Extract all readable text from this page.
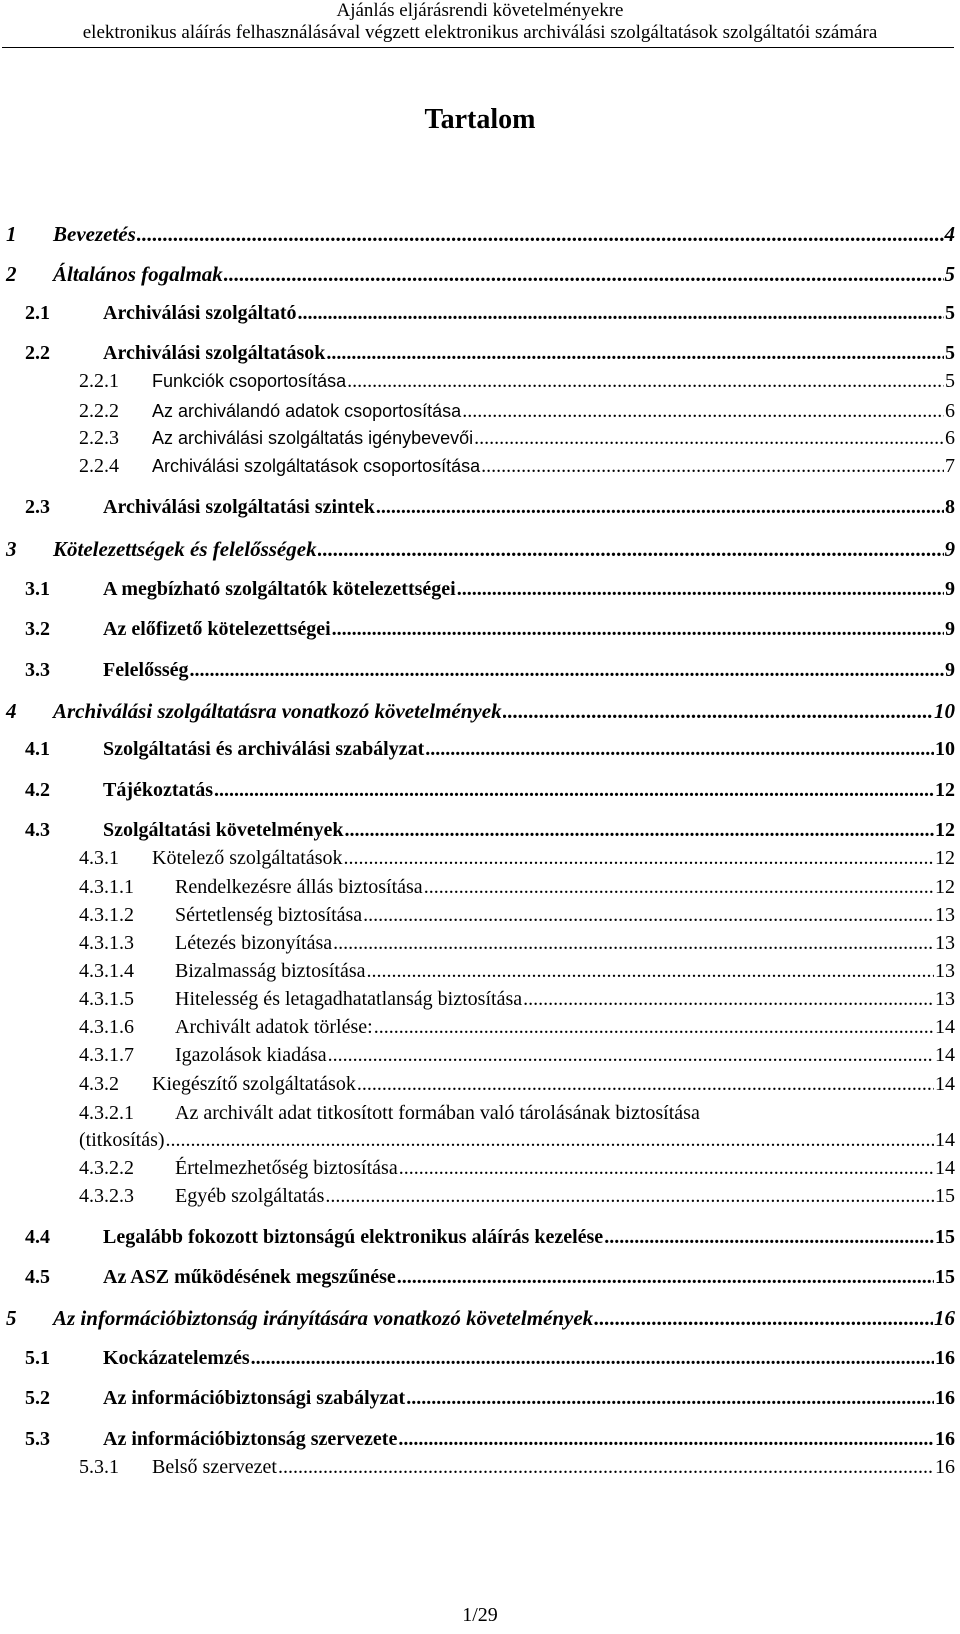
Ajánlás eljárásrendi követelményekre
elektronikus aláírás felhasználásával végzett elektronikus archiválási szolgáltatások szolgáltatói számára
Tartalom
1	Bevezetés .....	4
2	Általános fogalmak .....	5
2.1	Archiválási szolgáltató .....	5
2.2	Archiválási szolgáltatások .....	5
2.2.1	Funkciók csoportosítása .....	5
2.2.2	Az archiválandó adatok csoportosítása .....	6
2.2.3	Az archiválási szolgáltatás igénybevevői .....	6
2.2.4	Archiválási szolgáltatások csoportosítása .....	7
2.3	Archiválási szolgáltatási szintek .....	8
3	Kötelezettségek és felelősségek .....	9
3.1	A megbízható szolgáltatók kötelezettségei .....	9
3.2	Az előfizető kötelezettségei .....	9
3.3	Felelősség .....	9
4	Archiválási szolgáltatásra vonatkozó követelmények .....	10
4.1	Szolgáltatási és archiválási szabályzat .....	10
4.2	Tájékoztatás .....	12
4.3	Szolgáltatási követelmények .....	12
4.3.1	Kötelező szolgáltatások .....	12
4.3.1.1	Rendelkezésre állás biztosítása .....	12
4.3.1.2	Sértetlenség biztosítása .....	13
4.3.1.3	Létezés bizonyítása .....	13
4.3.1.4	Bizalmasság biztosítása .....	13
4.3.1.5	Hitelesség és letagadhatatlanság biztosítása .....	13
4.3.1.6	Archivált adatok törlése: .....	14
4.3.1.7	Igazolások kiadása .....	14
4.3.2	Kiegészítő szolgáltatások .....	14
4.3.2.1	Az archivált adat titkosított formában való tárolásának biztosítása
(titkosítás) .....	14
4.3.2.2	Értelmezhetőség biztosítása .....	14
4.3.2.3	Egyéb szolgáltatás .....	15
4.4	Legalább fokozott biztonságú elektronikus aláírás kezelése .....	15
4.5	Az ASZ működésének megszűnése .....	15
5	Az információbiztonság irányítására vonatkozó követelmények .....	16
5.1	Kockázatelemzés .....	16
5.2	Az információbiztonsági szabályzat .....	16
5.3	Az információbiztonság szervezete .....	16
5.3.1	Belső szervezet .....	16
1/29
